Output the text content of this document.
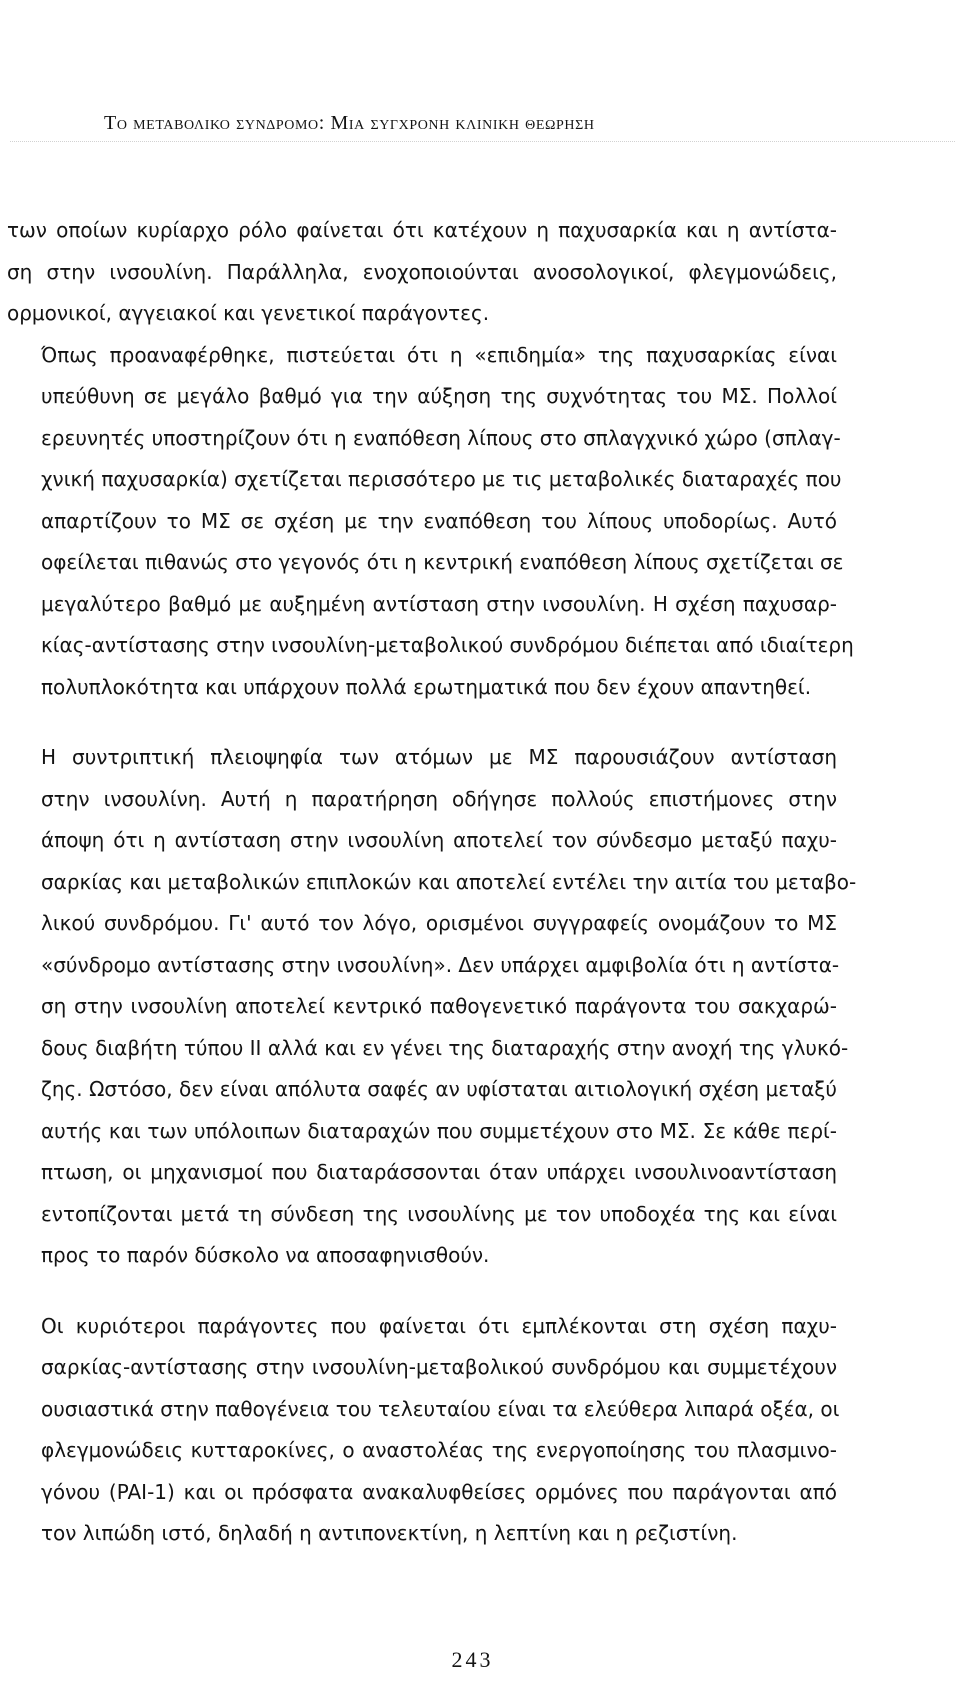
Το μεταβολικο συνδρομο: Μια συγχρονη κλινικη θεωρηση

των οποίων κυρίαρχο ρόλο φαίνεται ότι κατέχουν η παχυσαρκία και η αντίστα-
ση στην ινσουλίνη. Παράλληλα, ενοχοποιούνται ανοσολογικοί, φλεγμονώδεις,
ορμονικοί, αγγειακοί και γενετικοί παράγοντες.

Όπως προαναφέρθηκε, πιστεύεται ότι η «επιδημία» της παχυσαρκίας είναι
υπεύθυνη σε μεγάλο βαθμό για την αύξηση της συχνότητας του ΜΣ. Πολλοί
ερευνητές υποστηρίζουν ότι η εναπόθεση λίπους στο σπλαγχνικό χώρο (σπλαγ-
χνική παχυσαρκία) σχετίζεται περισσότερο με τις μεταβολικές διαταραχές που
απαρτίζουν το ΜΣ σε σχέση με την εναπόθεση του λίπους υποδορίως. Αυτό
οφείλεται πιθανώς στο γεγονός ότι η κεντρική εναπόθεση λίπους σχετίζεται σε
μεγαλύτερο βαθμό με αυξημένη αντίσταση στην ινσουλίνη. Η σχέση παχυσαρ-
κίας-αντίστασης στην ινσουλίνη-μεταβολικού συνδρόμου διέπεται από ιδιαίτερη
πολυπλοκότητα και υπάρχουν πολλά ερωτηματικά που δεν έχουν απαντηθεί.

Η συντριπτική πλειοψηφία των ατόμων με ΜΣ παρουσιάζουν αντίσταση
στην ινσουλίνη. Αυτή η παρατήρηση οδήγησε πολλούς επιστήμονες στην
άποψη ότι η αντίσταση στην ινσουλίνη αποτελεί τον σύνδεσμο μεταξύ παχυ-
σαρκίας και μεταβολικών επιπλοκών και αποτελεί εντέλει την αιτία του μεταβο-
λικού συνδρόμου. Γι' αυτό τον λόγο, ορισμένοι συγγραφείς ονομάζουν το ΜΣ
«σύνδρομο αντίστασης στην ινσουλίνη». Δεν υπάρχει αμφιβολία ότι η αντίστα-
ση στην ινσουλίνη αποτελεί κεντρικό παθογενετικό παράγοντα του σακχαρώ-
δους διαβήτη τύπου II αλλά και εν γένει της διαταραχής στην ανοχή της γλυκό-
ζης. Ωστόσο, δεν είναι απόλυτα σαφές αν υφίσταται αιτιολογική σχέση μεταξύ
αυτής και των υπόλοιπων διαταραχών που συμμετέχουν στο ΜΣ. Σε κάθε περί-
πτωση, οι μηχανισμοί που διαταράσσονται όταν υπάρχει ινσουλινοαντίσταση
εντοπίζονται μετά τη σύνδεση της ινσουλίνης με τον υποδοχέα της και είναι
προς το παρόν δύσκολο να αποσαφηνισθούν.

Οι κυριότεροι παράγοντες που φαίνεται ότι εμπλέκονται στη σχέση παχυ-
σαρκίας-αντίστασης στην ινσουλίνη-μεταβολικού συνδρόμου και συμμετέχουν
ουσιαστικά στην παθογένεια του τελευταίου είναι τα ελεύθερα λιπαρά οξέα, οι
φλεγμονώδεις κυτταροκίνες, ο αναστολέας της ενεργοποίησης του πλασμινο-
γόνου (PAI-1) και οι πρόσφατα ανακαλυφθείσες ορμόνες που παράγονται από
τον λιπώδη ιστό, δηλαδή η αντιπονεκτίνη, η λεπτίνη και η ρεζιστίνη.

243
